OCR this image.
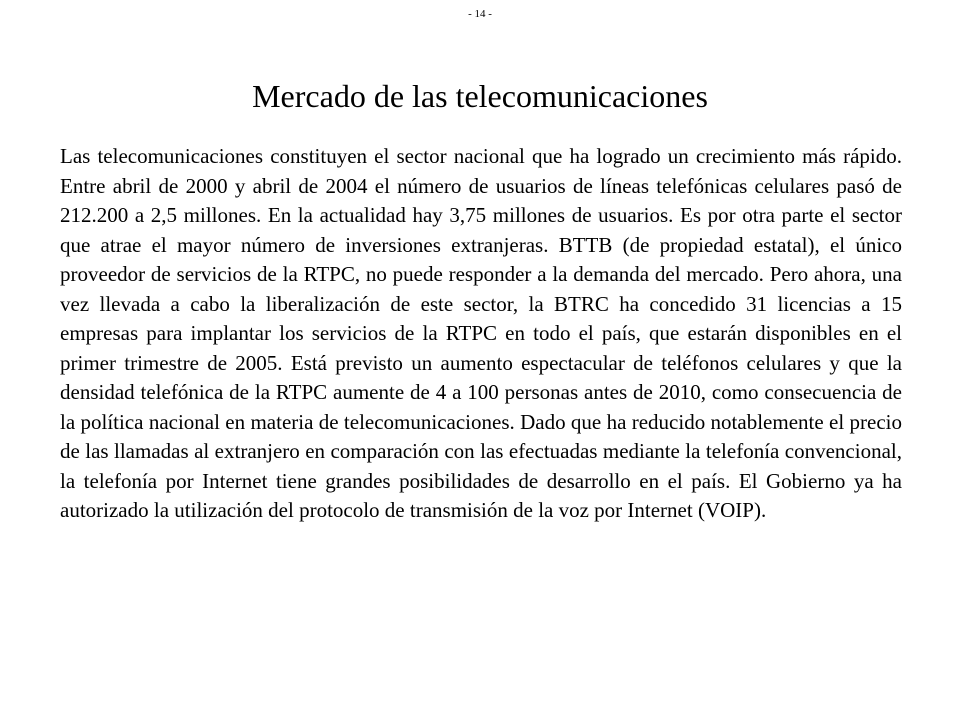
- 14 -
Mercado de las telecomunicaciones

Las telecomunicaciones constituyen el sector nacional que ha logrado un crecimiento más rápido. Entre abril de 2000 y abril de 2004 el número de usuarios de líneas telefónicas celulares pasó de 212.200 a 2,5 millones. En la actualidad hay 3,75 millones de usuarios. Es por otra parte el sector que atrae el mayor número de inversiones extranjeras. BTTB (de propiedad estatal), el único proveedor de servicios de la RTPC, no puede responder a la demanda del mercado. Pero ahora, una vez llevada a cabo la liberalización de este sector, la BTRC ha concedido 31 licencias a 15 empresas para implantar los servicios de la RTPC en todo el país, que estarán disponibles en el primer trimestre de 2005. Está previsto un aumento espectacular de teléfonos celulares y que la densidad telefónica de la RTPC aumente de 4 a 100 personas antes de 2010, como consecuencia de la política nacional en materia de telecomunicaciones. Dado que ha reducido notablemente el precio de las llamadas al extranjero en comparación con las efectuadas mediante la telefonía convencional, la telefonía por Internet tiene grandes posibilidades de desarrollo en el país. El Gobierno ya ha autorizado la utilización del protocolo de transmisión de la voz por Internet (VOIP).
